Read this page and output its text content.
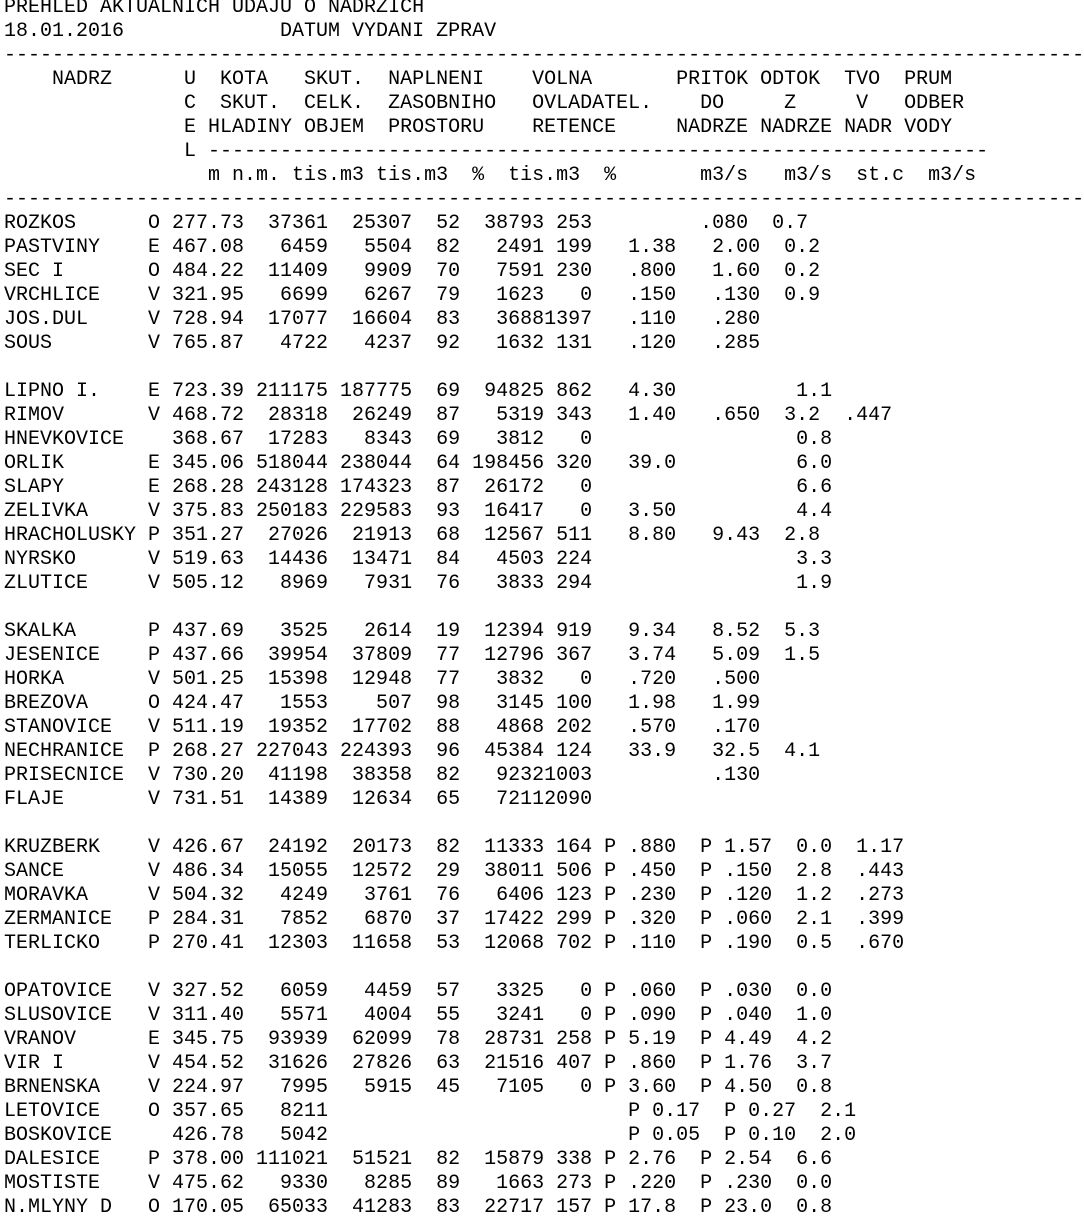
PREHLED AKTUALNICH UDAJU O NADRZICH
18.01.2016             DATUM VYDANI ZPRAV
------------------------------------------------------------------------------------------
NADRZ      U  KOTA   SKUT.  NAPLNENI    VOLNA       PRITOK ODTOK  TVO  PRUM
C  SKUT.  CELK.  ZASOBNIHO   OVLADATEL.    DO     Z     V   ODBER
E HLADINY OBJEM  PROSTORU    RETENCE     NADRZE NADRZE NADR VODY
L -----------------------------------------------------------------
m n.m. tis.m3 tis.m3  %  tis.m3  %       m3/s   m3/s  st.c  m3/s
------------------------------------------------------------------------------------------
ROZKOS      O 277.73  37361  25307  52  38793 253         .080  0.7
PASTVINY    E 467.08   6459   5504  82   2491 199   1.38   2.00  0.2
SEC I       O 484.22  11409   9909  70   7591 230   .800   1.60  0.2
VRCHLICE    V 321.95   6699   6267  79   1623   0   .150   .130  0.9
JOS.DUL     V 728.94  17077  16604  83   36881397   .110   .280
SOUS        V 765.87   4722   4237  92   1632 131   .120   .285
LIPNO I.    E 723.39 211175 187775  69  94825 862   4.30          1.1
RIMOV       V 468.72  28318  26249  87   5319 343   1.40   .650  3.2  .447
HNEVKOVICE    368.67  17283   8343  69   3812   0                 0.8
ORLIK       E 345.06 518044 238044  64 198456 320   39.0          6.0
SLAPY       E 268.28 243128 174323  87  26172   0                 6.6
ZELIVKA     V 375.83 250183 229583  93  16417   0   3.50          4.4
HRACHOLUSKY P 351.27  27026  21913  68  12567 511   8.80   9.43  2.8
NYRSKO      V 519.63  14436  13471  84   4503 224                 3.3
ZLUTICE     V 505.12   8969   7931  76   3833 294                 1.9
SKALKA      P 437.69   3525   2614  19  12394 919   9.34   8.52  5.3
JESENICE    P 437.66  39954  37809  77  12796 367   3.74   5.09  1.5
HORKA       V 501.25  15398  12948  77   3832   0   .720   .500
BREZOVA     O 424.47   1553    507  98   3145 100   1.98   1.99
STANOVICE   V 511.19  19352  17702  88   4868 202   .570   .170
NECHRANICE  P 268.27 227043 224393  96  45384 124   33.9   32.5  4.1
PRISECNICE  V 730.20  41198  38358  82   92321003          .130
FLAJE       V 731.51  14389  12634  65   72112090
KRUZBERK    V 426.67  24192  20173  82  11333 164 P .880  P 1.57  0.0  1.17
SANCE       V 486.34  15055  12572  29  38011 506 P .450  P .150  2.8  .443
MORAVKA     V 504.32   4249   3761  76   6406 123 P .230  P .120  1.2  .273
ZERMANICE   P 284.31   7852   6870  37  17422 299 P .320  P .060  2.1  .399
TERLICKO    P 270.41  12303  11658  53  12068 702 P .110  P .190  0.5  .670
OPATOVICE   V 327.52   6059   4459  57   3325   0 P .060  P .030  0.0
SLUSOVICE   V 311.40   5571   4004  55   3241   0 P .090  P .040  1.0
VRANOV      E 345.75  93939  62099  78  28731 258 P 5.19  P 4.49  4.2
VIR I       V 454.52  31626  27826  63  21516 407 P .860  P 1.76  3.7
BRNENSKA    V 224.97   7995   5915  45   7105   0 P 3.60  P 4.50  0.8
LETOVICE    O 357.65   8211                         P 0.17  P 0.27  2.1
BOSKOVICE     426.78   5042                         P 0.05  P 0.10  2.0
DALESICE    P 378.00 111021  51521  82  15879 338 P 2.76  P 2.54  6.6
MOSTISTE    V 475.62   9330   8285  89   1663 273 P .220  P .230  0.0
N.MLYNY D   O 170.05  65033  41283  83  22717 157 P 17.8  P 23.0  0.8
